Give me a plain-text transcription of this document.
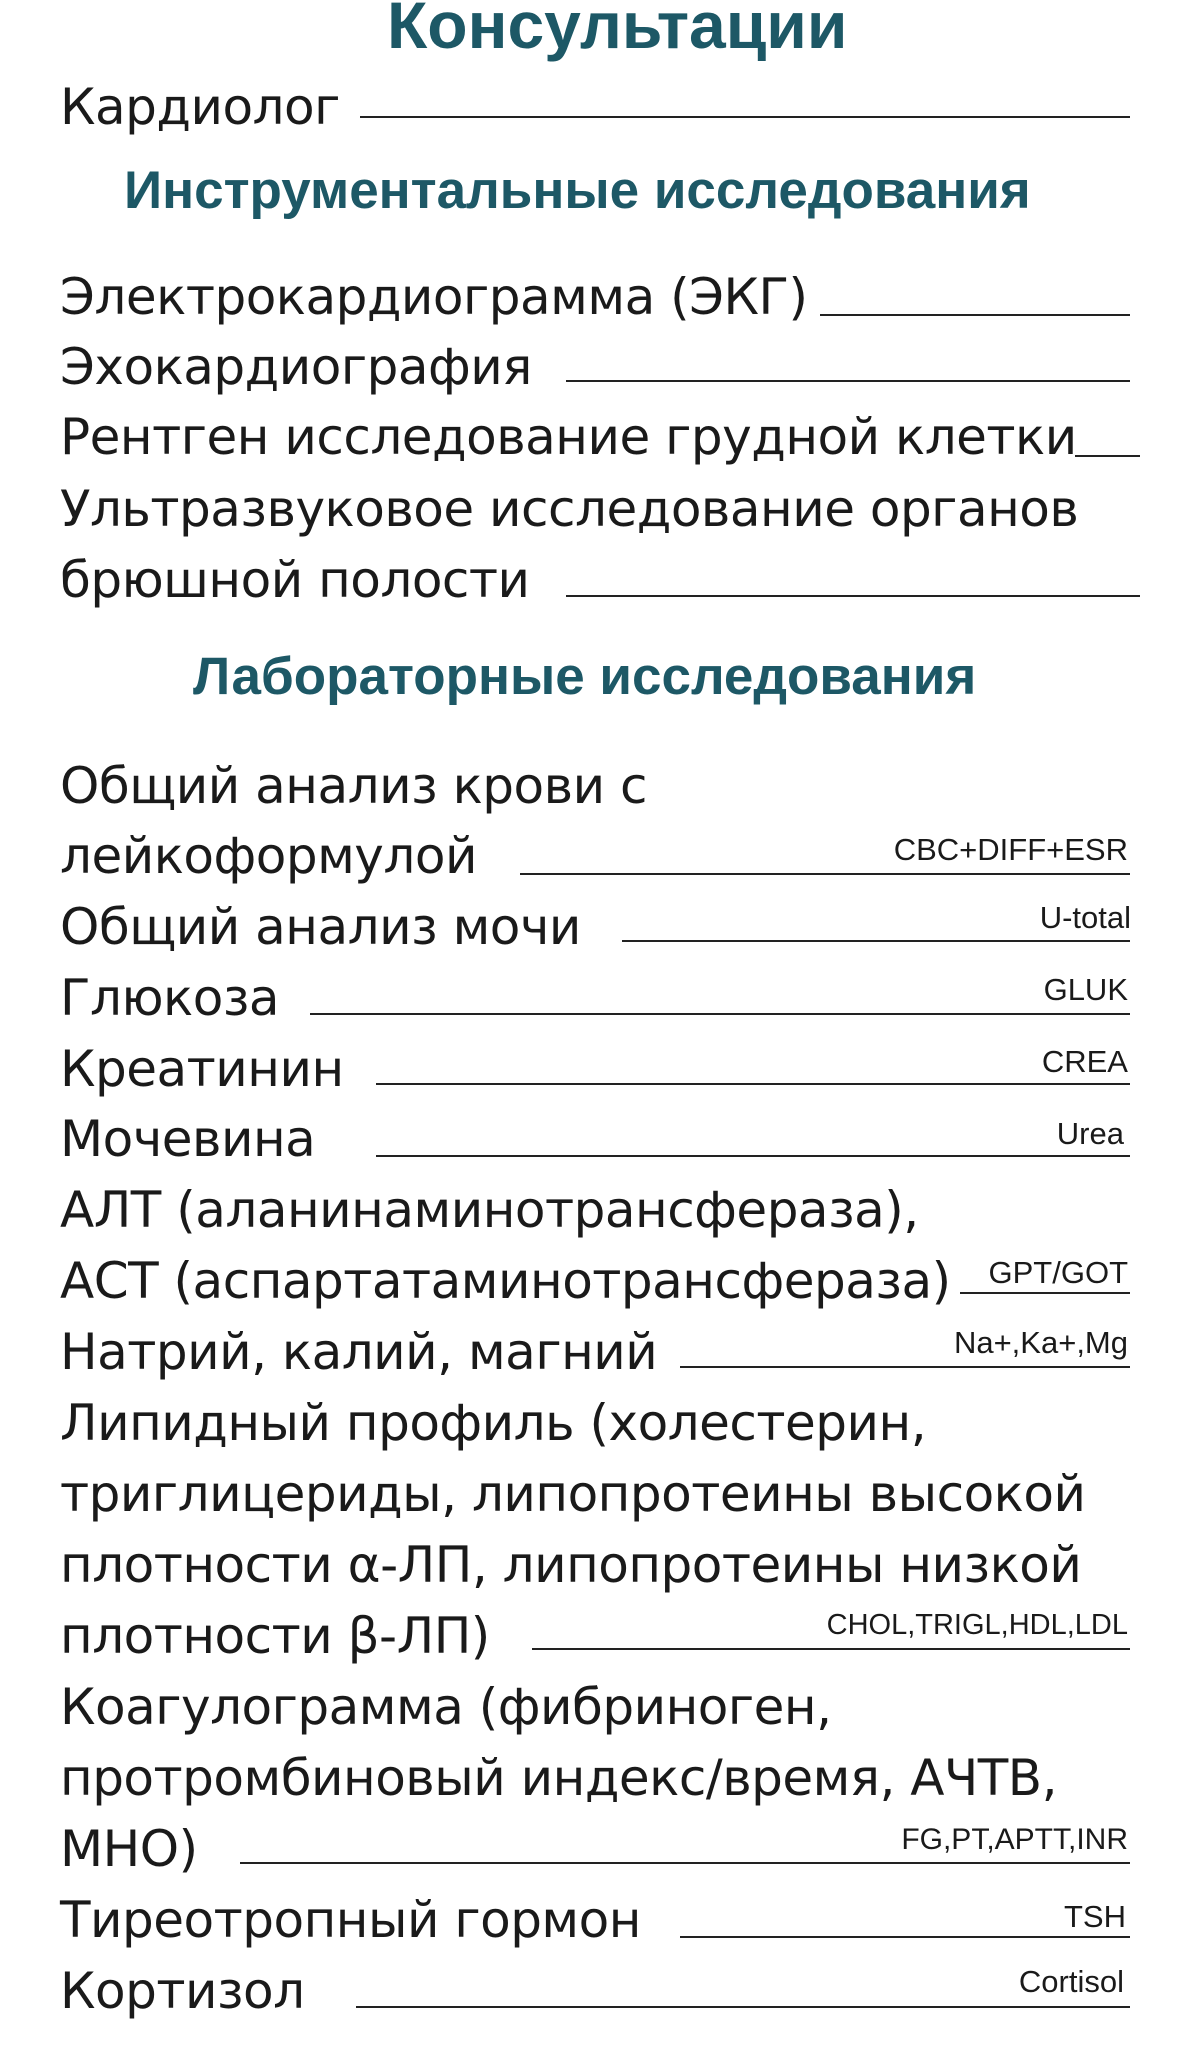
Консультации

Кардиолог

Инструментальные исследования

Электрокардиограмма (ЭКГ)

Эхокардиография

Рентген исследование грудной клетки

Ультразвуковое исследование органов

брюшной полости

Лабораторные исследования

Общий анализ крови с

лейкоформулой	CBC+DIFF+ESR

Общий анализ мочи	U-total

Глюкоза	GLUK

Креатинин	CREA

Мочевина	Urea

АЛТ (аланинаминотрансфераза),

АСТ (аспартатаминотрансфераза) GPT/GOT

Натрий, калий, магний	Na+,Ka+,Mg

Липидный профиль (холестерин,

триглицериды, липопротеины высокой

плотности α-ЛП, липопротеины низкой

плотности β-ЛП)	CHOL,TRIGL,HDL,LDL

Коагулограмма (фибриноген,

протромбиновый индекс/время, АЧТВ,

МНО)	FG,PT,APTT,INR

Тиреотропный гормон	TSH

Кортизол	Cortisol
